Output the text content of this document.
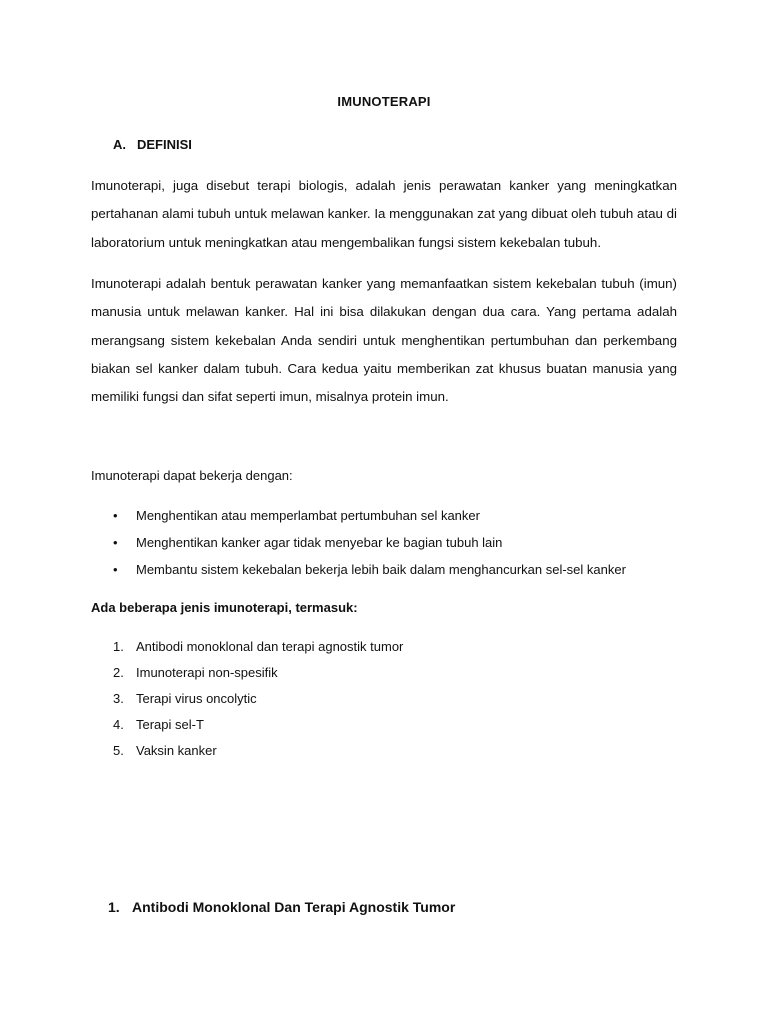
IMUNOTERAPI
A. DEFINISI

Imunoterapi, juga disebut terapi biologis, adalah jenis perawatan kanker yang meningkatkan pertahanan alami tubuh untuk melawan kanker. Ia menggunakan zat yang dibuat oleh tubuh atau di laboratorium untuk meningkatkan atau mengembalikan fungsi sistem kekebalan tubuh.

Imunoterapi adalah bentuk perawatan kanker yang memanfaatkan sistem kekebalan tubuh (imun) manusia untuk melawan kanker. Hal ini bisa dilakukan dengan dua cara. Yang pertama adalah merangsang sistem kekebalan Anda sendiri untuk menghentikan pertumbuhan dan perkembang biakan sel kanker dalam tubuh. Cara kedua yaitu memberikan zat khusus buatan manusia yang memiliki fungsi dan sifat seperti imun, misalnya protein imun.

Imunoterapi dapat bekerja dengan:
• Menghentikan atau memperlambat pertumbuhan sel kanker
• Menghentikan kanker agar tidak menyebar ke bagian tubuh lain
• Membantu sistem kekebalan bekerja lebih baik dalam menghancurkan sel-sel kanker
Ada beberapa jenis imunoterapi, termasuk:
1. Antibodi monoklonal dan terapi agnostik tumor
2. Imunoterapi non-spesifik
3. Terapi virus oncolytic
4. Terapi sel-T
5. Vaksin kanker
1. Antibodi Monoklonal Dan Terapi Agnostik Tumor
